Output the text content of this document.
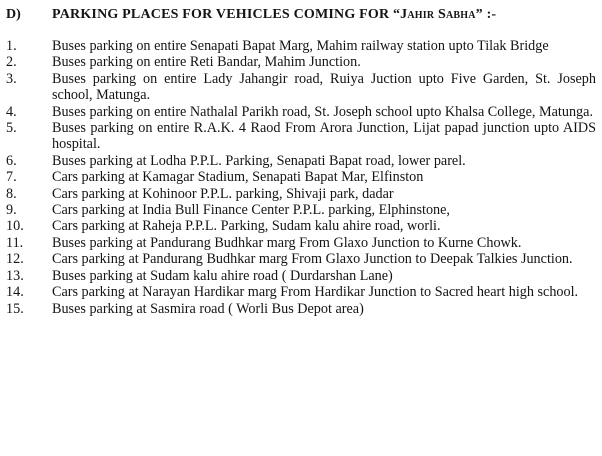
D) PARKING PLACES FOR VEHICLES COMING FOR “Jahir Sabha” :-
1.	Buses parking on entire Senapati Bapat Marg, Mahim railway station upto Tilak Bridge
2.	Buses parking on entire Reti Bandar, Mahim Junction.
3.	Buses parking on entire Lady Jahangir road, Ruiya Juction upto Five Garden, St. Joseph school, Matunga.
4.	Buses parking on entire Nathalal Parikh road, St. Joseph school upto Khalsa College, Matunga.
5.	Buses parking on entire R.A.K. 4 Raod From Arora Junction, Lijat papad junction upto AIDS hospital.
6.	Buses parking at Lodha P.P.L. Parking, Senapati Bapat road, lower parel.
7.	Cars parking at Kamagar Stadium, Senapati Bapat Mar, Elfinston
8.	Cars parking at Kohinoor P.P.L. parking, Shivaji park, dadar
9.	Cars parking at India Bull Finance Center P.P.L. parking, Elphinstone,
10.	Cars parking at Raheja P.P.L. Parking, Sudam kalu ahire road, worli.
11.	Buses parking at Pandurang Budhkar marg From Glaxo Junction to Kurne Chowk.
12.	Cars parking at Pandurang Budhkar marg From Glaxo Junction to Deepak Talkies Junction.
13.	Buses parking at Sudam kalu ahire road ( Durdarshan Lane)
14.	Cars parking at Narayan Hardikar marg From Hardikar Junction to Sacred heart high school.
15.	Buses parking at Sasmira road ( Worli Bus Depot area)
